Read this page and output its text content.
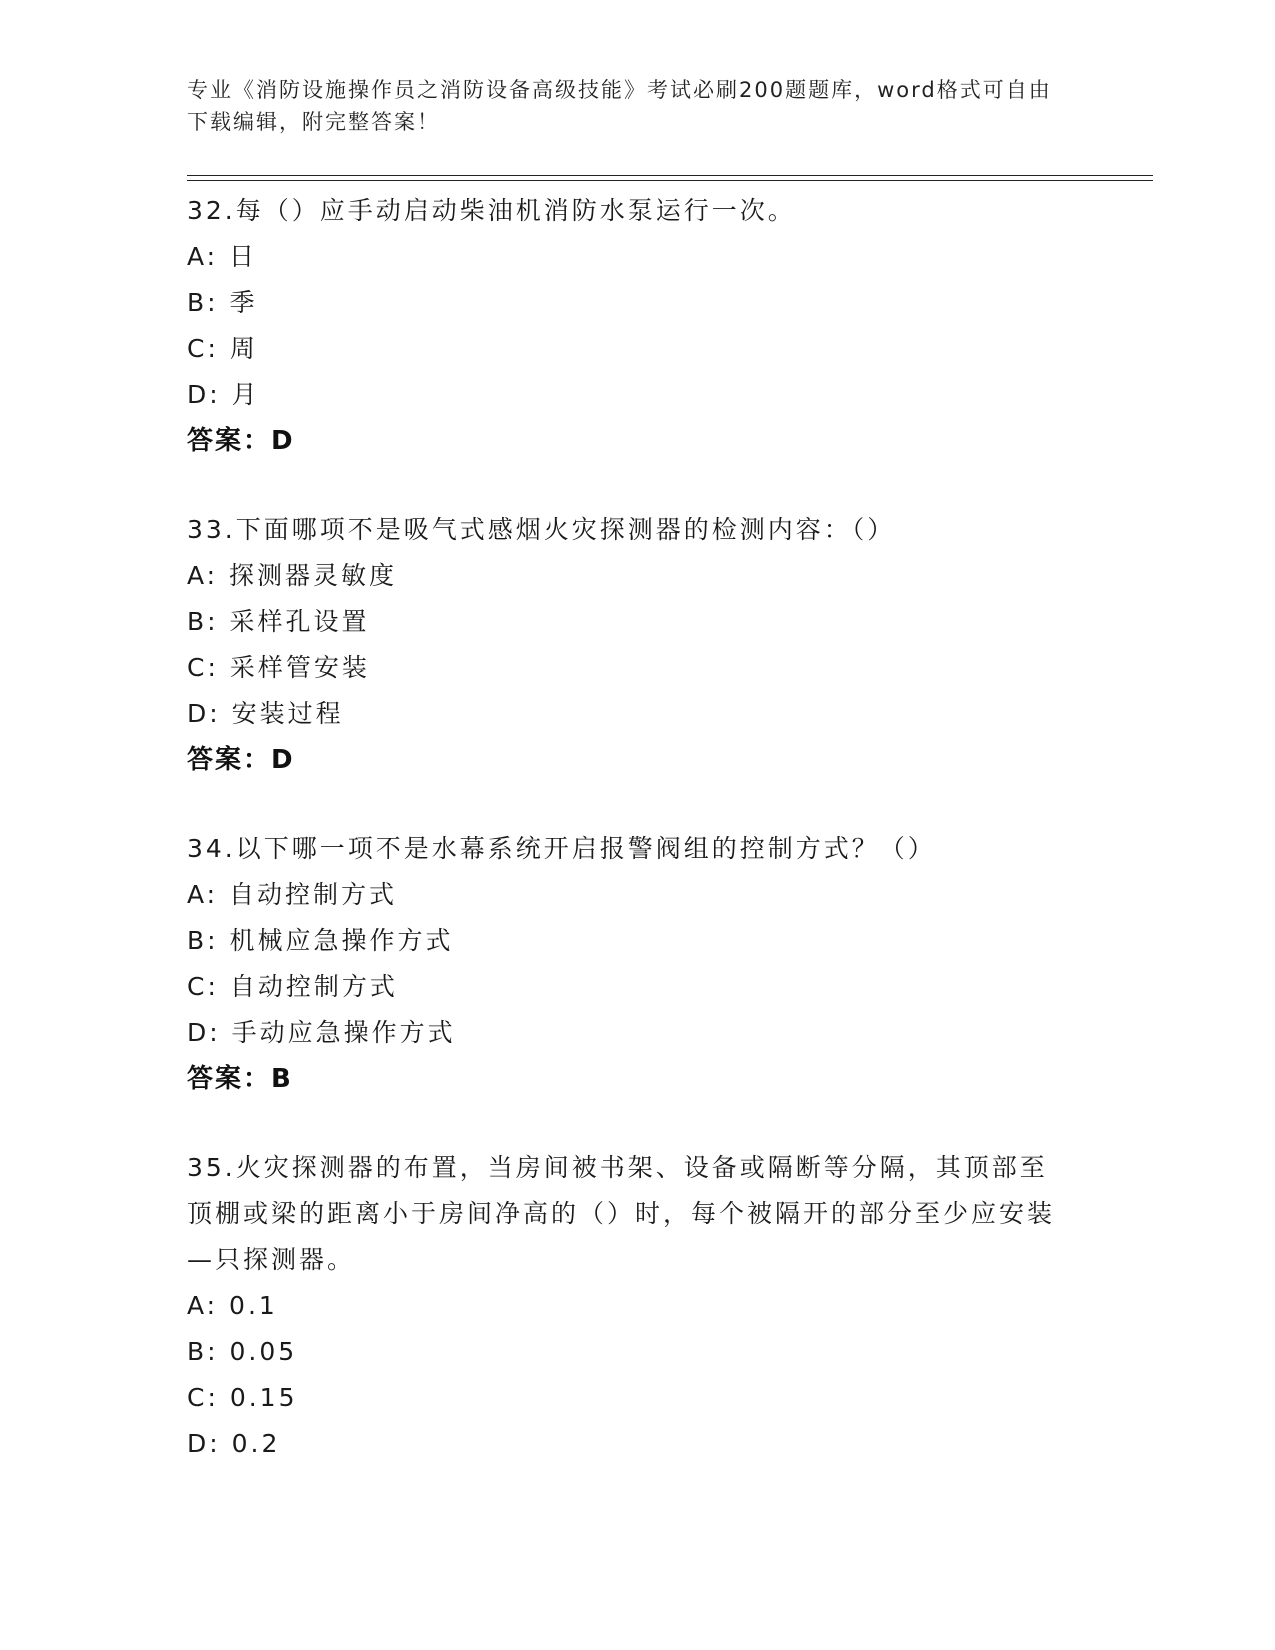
专业《消防设施操作员之消防设备高级技能》考试必刷200题题库，word格式可自由下载编辑，附完整答案！

32.每（）应手动启动柴油机消防水泵运行一次。

A: 日
B: 季
C: 周
D: 月
答案：D

33.下面哪项不是吸气式感烟火灾探测器的检测内容：（）

A: 探测器灵敏度
B: 采样孔设置
C: 采样管安装
D: 安装过程
答案：D

34.以下哪一项不是水幕系统开启报警阀组的控制方式？（）

A: 自动控制方式
B: 机械应急操作方式
C: 自动控制方式
D: 手动应急操作方式
答案：B

35.火灾探测器的布置，当房间被书架、设备或隔断等分隔，其顶部至顶棚或梁的距离小于房间净高的（）时，每个被隔开的部分至少应安装—只探测器。

A: 0.1
B: 0.05
C: 0.15
D: 0.2
